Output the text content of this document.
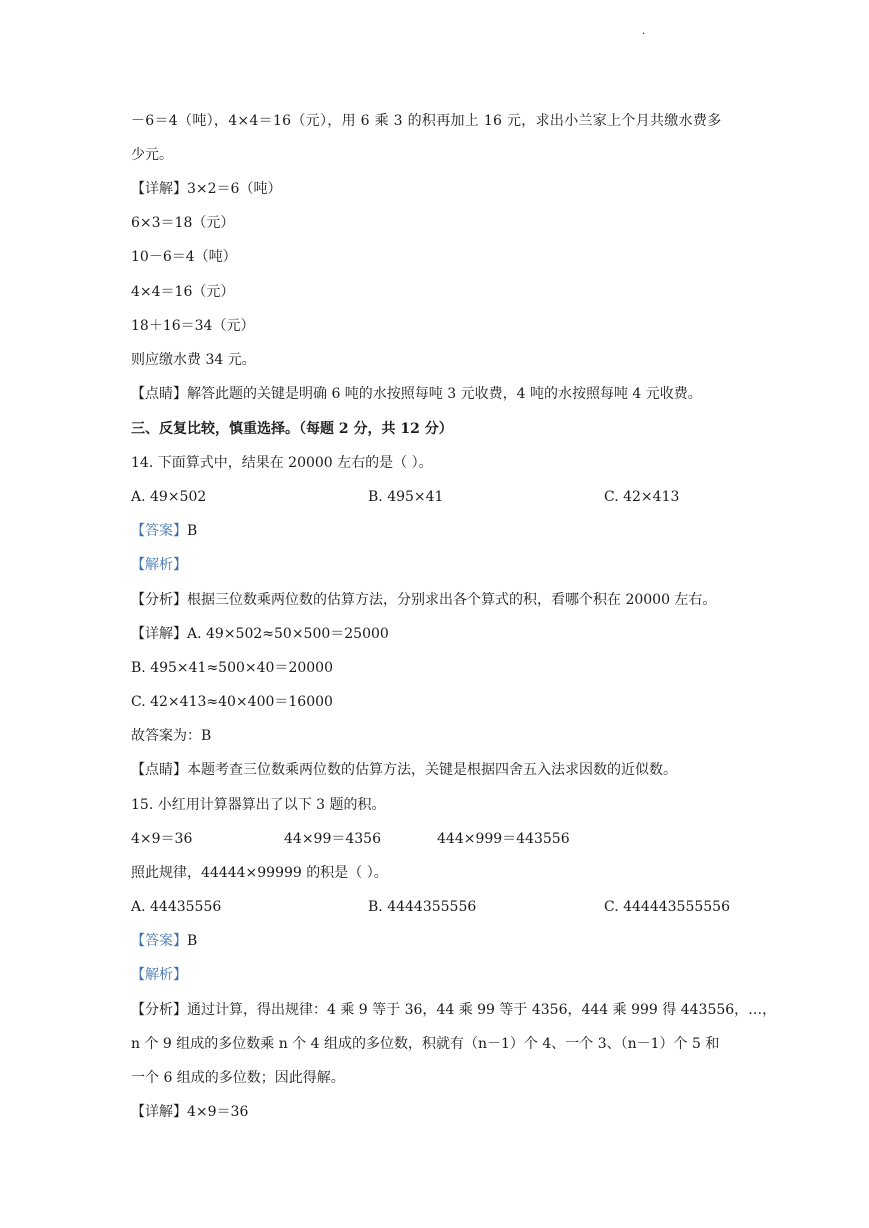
·
－6＝4（吨），4×4＝16（元），用 6 乘 3 的积再加上 16 元，求出小兰家上个月共缴水费多
少元。
【详解】3×2＝6（吨）
6×3＝18（元）
10－6＝4（吨）
4×4＝16（元）
18＋16＝34（元）
则应缴水费 34 元。
【点睛】解答此题的关键是明确 6 吨的水按照每吨 3 元收费，4 吨的水按照每吨 4 元收费。
三、反复比较，慎重选择。（每题 2 分，共 12 分）
14. 下面算式中，结果在 20000 左右的是（ ）。
A. 49×502	B. 495×41	C. 42×413
【答案】B
【解析】
【分析】根据三位数乘两位数的估算方法，分别求出各个算式的积，看哪个积在 20000 左右。
【详解】A. 49×502≈50×500＝25000
B. 495×41≈500×40＝20000
C. 42×413≈40×400＝16000
故答案为：B
【点睛】本题考查三位数乘两位数的估算方法，关键是根据四舍五入法求因数的近似数。
15. 小红用计算器算出了以下 3 题的积。
4×9＝36	44×99＝4356	444×999＝443556
照此规律，44444×99999 的积是（ ）。
A. 44435556	B. 4444355556	C. 444443555556
【答案】B
【解析】
【分析】通过计算，得出规律：4 乘 9 等于 36，44 乘 99 等于 4356，444 乘 999 得 443556，…，
n 个 9 组成的多位数乘 n 个 4 组成的多位数，积就有（n－1）个 4、一个 3、（n－1）个 5 和
一个 6 组成的多位数；因此得解。
【详解】4×9＝36
